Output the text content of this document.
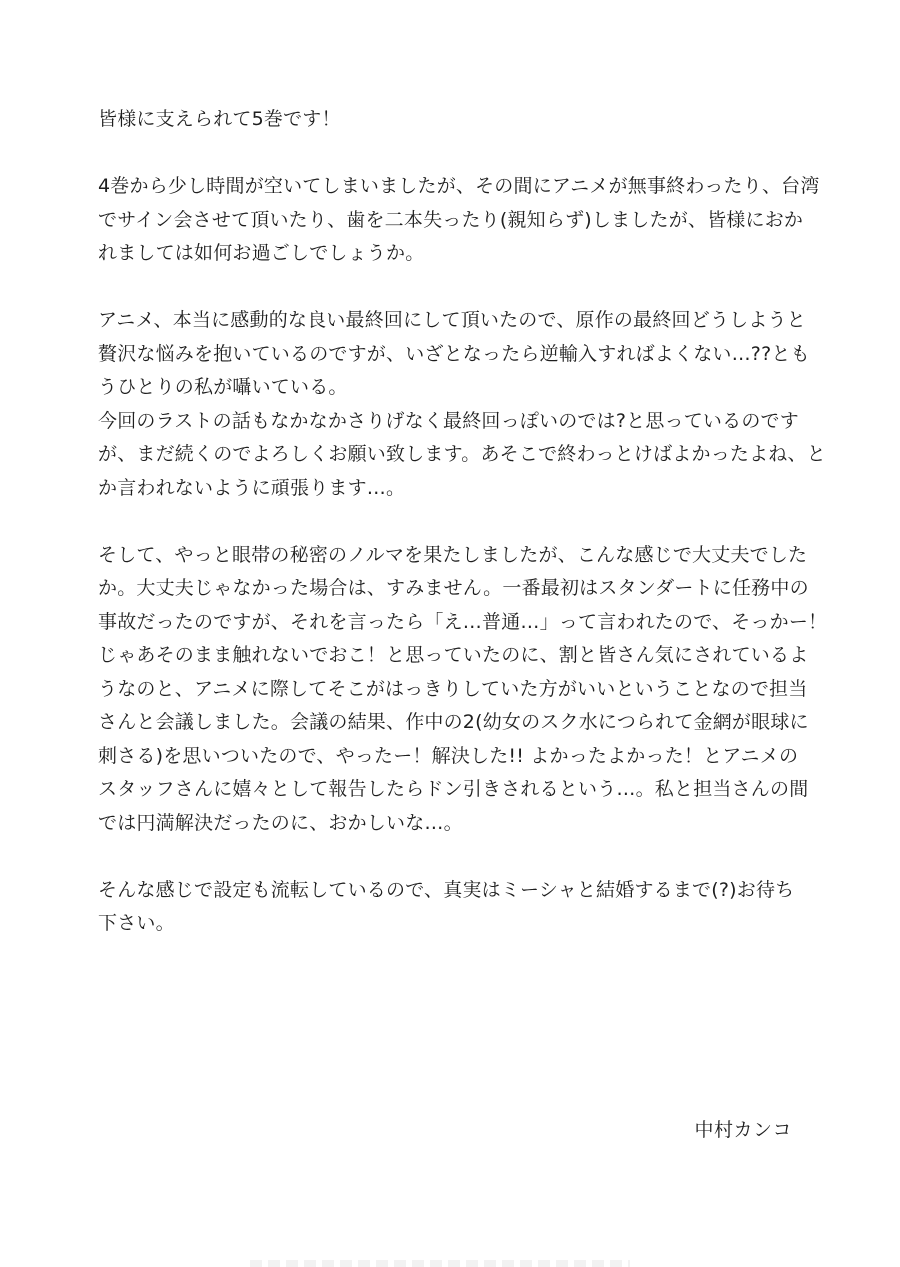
皆様に支えられて5巻です！
4巻から少し時間が空いてしまいましたが、その間にアニメが無事終わったり、台湾
でサイン会させて頂いたり、歯を二本失ったり(親知らず)しましたが、皆様におか
れましては如何お過ごしでしょうか。
アニメ、本当に感動的な良い最終回にして頂いたので、原作の最終回どうしようと
贅沢な悩みを抱いているのですが、いざとなったら逆輸入すればよくない…??とも
うひとりの私が囁いている。
今回のラストの話もなかなかさりげなく最終回っぽいのでは?と思っているのです
が、まだ続くのでよろしくお願い致します。あそこで終わっとけばよかったよね、と
か言われないように頑張ります…。
そして、やっと眼帯の秘密のノルマを果たしましたが、こんな感じで大丈夫でした
か。大丈夫じゃなかった場合は、すみません。一番最初はスタンダートに任務中の
事故だったのですが、それを言ったら「え…普通…」って言われたので、そっかー！
じゃあそのまま触れないでおこ！と思っていたのに、割と皆さん気にされているよ
うなのと、アニメに際してそこがはっきりしていた方がいいということなので担当
さんと会議しました。会議の結果、作中の2(幼女のスク水につられて金網が眼球に
刺さる)を思いついたので、やったー！解決した!! よかったよかった！とアニメの
スタッフさんに嬉々として報告したらドン引きされるという…。私と担当さんの間
では円満解決だったのに、おかしいな…。
そんな感じで設定も流転しているので、真実はミーシャと結婚するまで(?)お待ち
下さい。
中村カンコ
